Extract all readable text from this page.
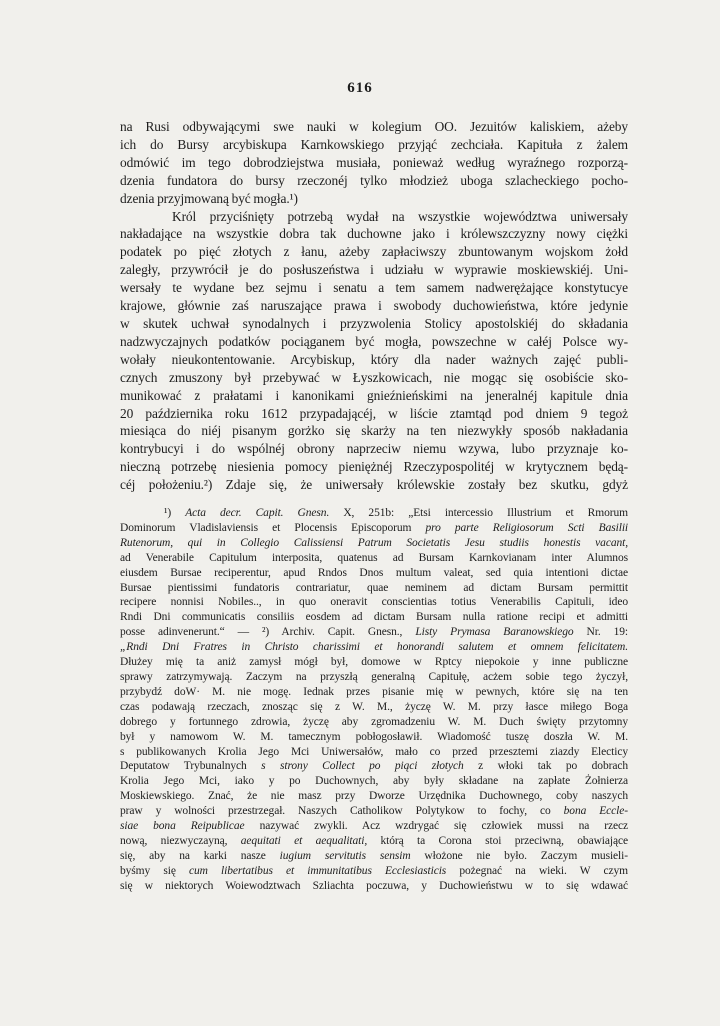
616
na Rusi odbywającymi swe nauki w kolegium OO. Jezuitów kaliskiem, ażeby
ich do Bursy arcybiskupa Karnkowskiego przyjąć zechciała. Kapituła z żalem
odmówić im tego dobrodziejstwa musiała, ponieważ według wyraźnego rozporzą-
dzenia fundatora do bursy rzeczonéj tylko młodzież uboga szlacheckiego pocho-
dzenia przyjmowaną być mogła.¹)
Król przyciśnięty potrzebą wydał na wszystkie województwa uniwersały
nakładające na wszystkie dobra tak duchowne jako i królewszczyzny nowy ciężki
podatek po pięć złotych z łanu, ażeby zapłaciwszy zbuntowanym wojskom żołd
zaległy, przywrócił je do posłuszeństwa i udziału w wyprawie moskiewskiéj. Uni-
wersały te wydane bez sejmu i senatu a tem samem nadwerężające konstytucye
krajowe, głównie zaś naruszające prawa i swobody duchowieństwa, które jedynie
w skutek uchwał synodalnych i przyzwolenia Stolicy apostolskiéj do składania
nadzwyczajnych podatków pociąganem być mogła, powszechne w całéj Polsce wy-
wołały nieukontentowanie. Arcybiskup, który dla nader ważnych zajęć publi-
cznych zmuszony był przebywać w Łyszkowicach, nie mogąc się osobiście sko-
munikować z prałatami i kanonikami gnieźnieńskimi na jeneralnéj kapitule dnia
20 października roku 1612 przypadającéj, w liście ztamtąd pod dniem 9 tegoż
miesiąca do niéj pisanym gorżko się skarży na ten niezwykły sposób nakładania
kontrybucyi i do wspólnéj obrony naprzeciw niemu wzywa, lubo przyznaje ko-
nieczną potrzebę niesienia pomocy pieniężnéj Rzeczypospolitéj w krytycznem będą-
céj położeniu.²) Zdaje się, że uniwersały królewskie zostały bez skutku, gdyż
¹) Acta decr. Capit. Gnesn. X, 251b: „Etsi intercessio Illustrium et Rmorum
Dominorum Vladislaviensis et Plocensis Episcoporum pro parte Religiosorum Scti Basilii
Rutenorum, qui in Collegio Calissiensi Patrum Societatis Jesu studiis honestis vacant,
ad Venerabile Capitulum interposita, quatenus ad Bursam Karnkovianam inter Alumnos
eiusdem Bursae reciperentur, apud Rndos Dnos multum valeat, sed quia intentioni dictae
Bursae pientissimi fundatoris contrariatur, quae neminem ad dictam Bursam permittit
recipere nonnisi Nobiles.., in quo oneravit conscientias totius Venerabilis Capituli, ideo
Rndi Dni communicatis consiliis eosdem ad dictam Bursam nulla ratione recipi et admitti
posse adinvenerunt.“ — ²) Archiv. Capit. Gnesn., Listy Prymasa Baranowskiego Nr. 19:
„Rndi Dni Fratres in Christo charissimi et honorandi salutem et omnem felicitatem.
Dłużey mię ta aniż zamysł mógł był, domowe w Rptcy niepokoie y inne publiczne
sprawy zatrzymywają. Zaczym na przyszłą generalną Capitułę, acżem sobie tego życzył,
przybydź doW· M. nie mogę. Iednak przes pisanie mię w pewnych, które się na ten
czas podawają rzeczach, znosząc się z W. M., życzę W. M. przy łasce miłego Boga
dobrego y fortunnego zdrowia, życzę aby zgromadzeniu W. M. Duch święty przytomny
był y namowom W. M. tamecznym pobłogosławił. Wiadomość tuszę doszła W. M.
s publikowanych Krolia Jego Mci Uniwersałów, mało co przed przesztemi ziazdy Electicy
Deputatow Trybunalnych s strony Collect po piąci złotych z włoki tak po dobrach
Krolia Jego Mci, iako y po Duchownych, aby były składane na zapłate Żołnierza
Moskiewskiego. Znać, że nie masz przy Dworze Urzędnika Duchownego, coby naszych
praw y wolności przestrzegał. Naszych Catholikow Polytykow to fochy, co bona Eccle-
siae bona Reipublicae nazywać zwykli. Acz wzdrygać się człowiek mussi na rzecz
nową, niezwyczayną, aequitati et aequalitati, którą ta Corona stoi przeciwną, obawiające
się, aby na karki nasze iugium servitutis sensim włożone nie było. Zaczym musieli-
byśmy się cum libertatibus et immunitatibus Ecclesiasticis pożegnać na wieki. W czym
się w niektorych Woiewodztwach Szliachta poczuwa, y Duchowieństwu w to się wdawać
